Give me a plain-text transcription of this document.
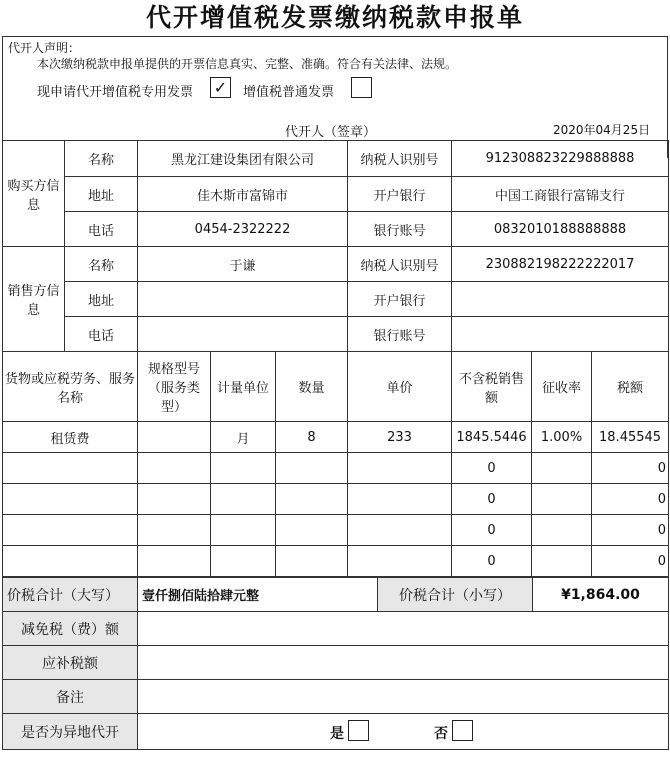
代开增值税发票缴纳税款申报单
代开人声明：
本次缴纳税款申报单提供的开票信息真实、完整、准确。符合有关法律、法规。
现申请代开增值税专用发票 ✓ 增值税普通发票
代开人（签章）	2020年04月25日
购买方信息	名称	黑龙江建设集团有限公司			纳税人识别号	912308823229888888		
	地址	佳木斯市富锦市			开户银行	中国工商银行富锦支行		
	电话	0454-2322222			银行账号	0832010188888888		
销售方信息	名称	于谦			纳税人识别号	230882198222222017		
	地址				开户银行			
	电话				银行账号			
货物或应税劳务、服务名称		规格型号（服务类型）	计量单位	数量	单价	不含税销售额	征收率	税额
租赁费			月	8	233	1845.5446	1.00%	18.45545
						0		0
						0		0
						0		0
						0		0
价税合计（大写）	壹仟捌佰陆拾肆元整	价税合计（小写）	¥1,864.00
减免税（费）额	
应补税额	
备注	
是否为异地代开	是 否
